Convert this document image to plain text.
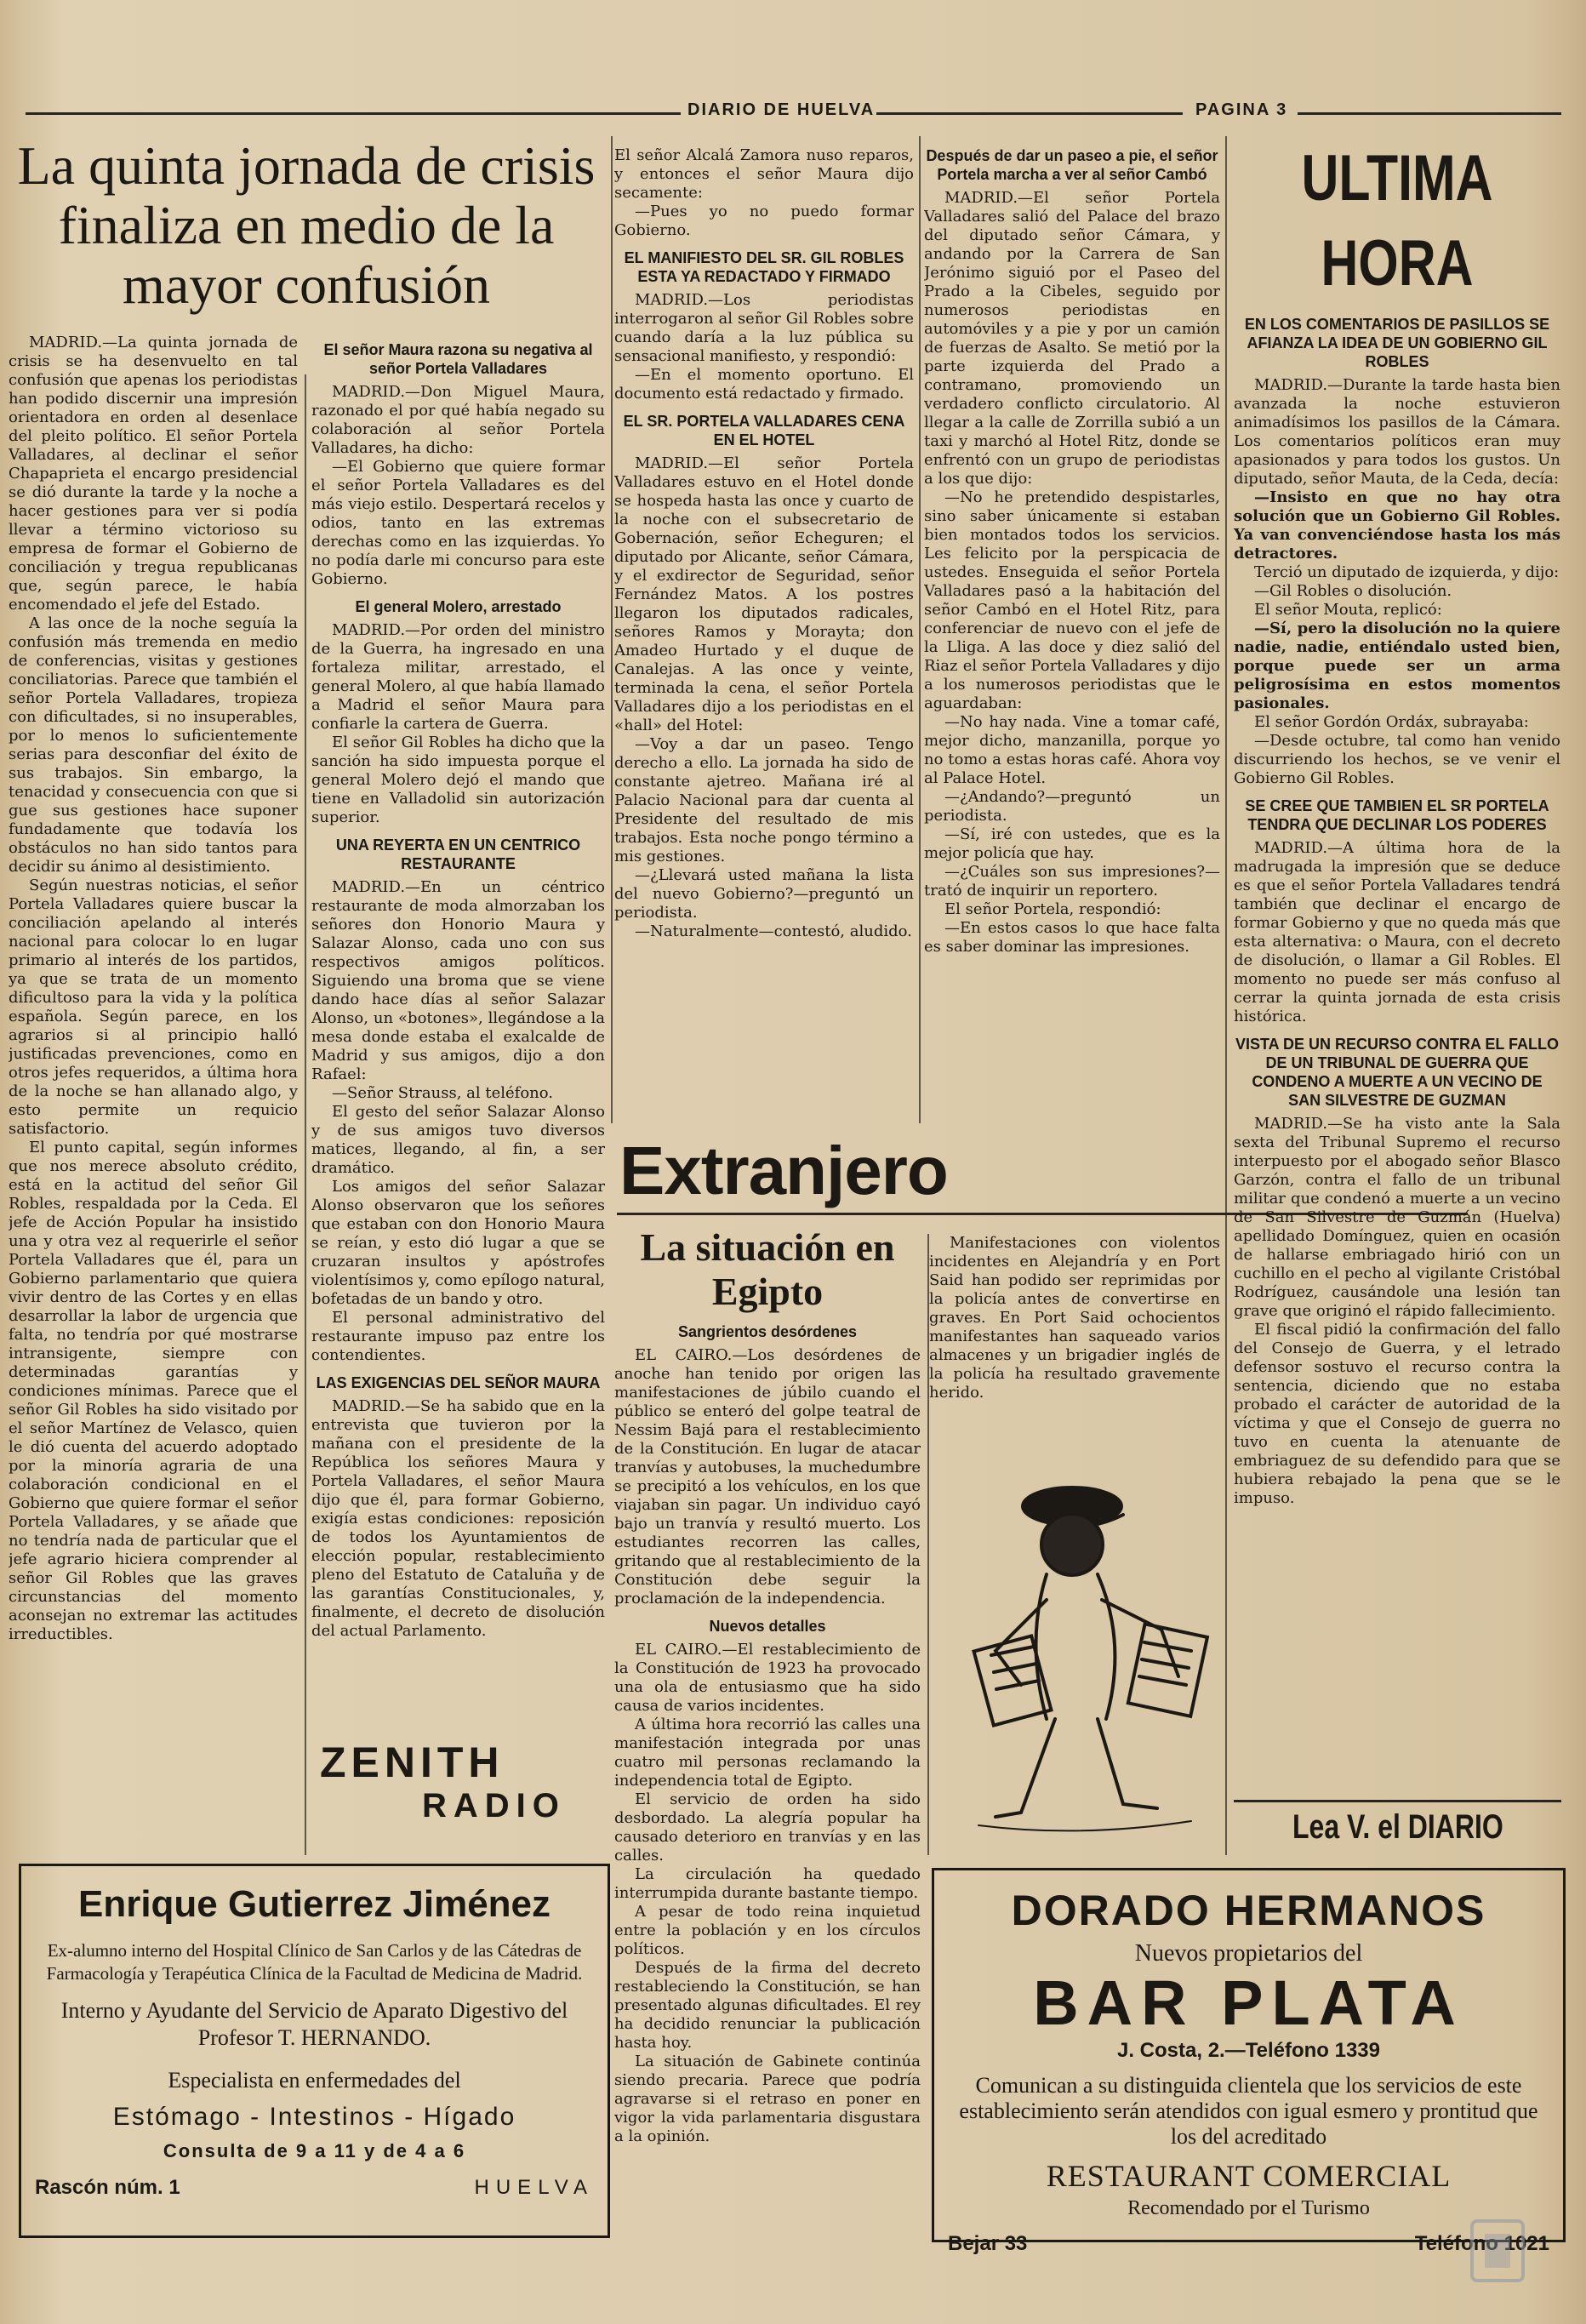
DIARIO DE HUELVA	PAGINA 3
La quinta jornada de crisis finaliza en medio de la mayor confusión

MADRID.—La quinta jornada de crisis se ha desenvuelto en tal confusión que apenas los periodistas han podido discernir una impresión orientadora en orden al desenlace del pleito político. El señor Portela Valladares, al declinar el señor Chapaprieta el encargo presidencial se dió durante la tarde y la noche a hacer gestiones para ver si podía llevar a término victorioso su empresa de formar el Gobierno de conciliación y tregua republicanas que, según parece, le había encomendado el jefe del Estado.

A las once de la noche seguía la confusión más tremenda en medio de conferencias, visitas y gestiones conciliatorias. Parece que también el señor Portela Valladares, tropieza con dificultades, si no insuperables, por lo menos lo suficientemente serias para desconfiar del éxito de sus trabajos. Sin embargo, la tenacidad y consecuencia con que si gue sus gestiones hace suponer fundadamente que todavía los obstáculos no han sido tantos para decidir su ánimo al desistimiento.

Según nuestras noticias, el señor Portela Valladares quiere buscar la conciliación apelando al interés nacional para colocar lo en lugar primario al interés de los partidos, ya que se trata de un momento dificultoso para la vida y la política española. Según parece, en los agrarios si al principio halló justificadas prevenciones, como en otros jefes requeridos, a última hora de la noche se han allanado algo, y esto permite un requicio satisfactorio.

El punto capital, según informes que nos merece absoluto crédito, está en la actitud del señor Gil Robles, respaldada por la Ceda. El jefe de Acción Popular ha insistido una y otra vez al requerirle el señor Portela Valladares que él, para un Gobierno parlamentario que quiera vivir dentro de las Cortes y en ellas desarrollar la labor de urgencia que falta, no tendría por qué mostrarse intransigente, siempre con determinadas garantías y condiciones mínimas. Parece que el señor Gil Robles ha sido visitado por el señor Martínez de Velasco, quien le dió cuenta del acuerdo adoptado por la minoría agraria de una colaboración condicional en el Gobierno que quiere formar el señor Portela Valladares, y se añade que no tendría nada de particular que el jefe agrario hiciera comprender al señor Gil Robles que las graves circunstancias del momento aconsejan no extremar las actitudes irreductibles.

El señor Maura razona su negativa al señor Portela Valladares

MADRID.—Don Miguel Maura, razonado el por qué había negado su colaboración al señor Portela Valladares, ha dicho:

—El Gobierno que quiere formar el señor Portela Valladares es del más viejo estilo. Despertará recelos y odios, tanto en las extremas derechas como en las izquierdas. Yo no podía darle mi concurso para este Gobierno.

El general Molero, arrestado

MADRID.—Por orden del ministro de la Guerra, ha ingresado en una fortaleza militar, arrestado, el general Molero, al que había llamado a Madrid el señor Maura para confiarle la cartera de Guerra.

El señor Gil Robles ha dicho que la sanción ha sido impuesta porque el general Molero dejó el mando que tiene en Valladolid sin autorización superior.

UNA REYERTA EN UN CENTRICO RESTAURANTE

MADRID.—En un céntrico restaurante de moda almorzaban los señores don Honorio Maura y Salazar Alonso, cada uno con sus respectivos amigos políticos. Siguiendo una broma que se viene dando hace días al señor Salazar Alonso, un «botones», llegándose a la mesa donde estaba el exalcalde de Madrid y sus amigos, dijo a don Rafael:

—Señor Strauss, al teléfono.

El gesto del señor Salazar Alonso y de sus amigos tuvo diversos matices, llegando, al fin, a ser dramático.

Los amigos del señor Salazar Alonso observaron que los señores que estaban con don Honorio Maura se reían, y esto dió lugar a que se cruzaran insultos y apóstrofes violentísimos y, como epílogo natural, bofetadas de un bando y otro.

El personal administrativo del restaurante impuso paz entre los contendientes.

LAS EXIGENCIAS DEL SEÑOR MAURA

MADRID.—Se ha sabido que en la entrevista que tuvieron por la mañana con el presidente de la República los señores Maura y Portela Valladares, el señor Maura dijo que él, para formar Gobierno, exigía estas condiciones: reposición de todos los Ayuntamientos de elección popular, restablecimiento pleno del Estatuto de Cataluña y de las garantías Constitucionales, y, finalmente, el decreto de disolución del actual Parlamento.

ZENITH
RADIO

El señor Alcalá Zamora nuso reparos, y entonces el señor Maura dijo secamente:

—Pues yo no puedo formar Gobierno.

EL MANIFIESTO DEL SR. GIL ROBLES ESTA YA REDACTADO Y FIRMADO

MADRID.—Los periodistas interrogaron al señor Gil Robles sobre cuando daría a la luz pública su sensacional manifiesto, y respondió:

—En el momento oportuno. El documento está redactado y firmado.

EL SR. PORTELA VALLADARES CENA EN EL HOTEL

MADRID.—El señor Portela Valladares estuvo en el Hotel donde se hospeda hasta las once y cuarto de la noche con el subsecretario de Gobernación, señor Echeguren; el diputado por Alicante, señor Cámara, y el exdirector de Seguridad, señor Fernández Matos. A los postres llegaron los diputados radicales, señores Ramos y Morayta; don Amadeo Hurtado y el duque de Canalejas. A las once y veinte, terminada la cena, el señor Portela Valladares dijo a los periodistas en el «hall» del Hotel:

—Voy a dar un paseo. Tengo derecho a ello. La jornada ha sido de constante ajetreo. Mañana iré al Palacio Nacional para dar cuenta al Presidente del resultado de mis trabajos. Esta noche pongo término a mis gestiones.

—¿Llevará usted mañana la lista del nuevo Gobierno?—preguntó un periodista.

—Naturalmente—contestó, aludido.

Después de dar un paseo a pie, el señor Portela marcha a ver al señor Cambó

MADRID.—El señor Portela Valladares salió del Palace del brazo del diputado señor Cámara, y andando por la Carrera de San Jerónimo siguió por el Paseo del Prado a la Cibeles, seguido por numerosos periodistas en automóviles y a pie y por un camión de fuerzas de Asalto. Se metió por la parte izquierda del Prado a contramano, promoviendo un verdadero conflicto circulatorio. Al llegar a la calle de Zorrilla subió a un taxi y marchó al Hotel Ritz, donde se enfrentó con un grupo de periodistas a los que dijo:

—No he pretendido despistarles, sino saber únicamente si estaban bien montados todos los servicios. Les felicito por la perspicacia de ustedes. Enseguida el señor Portela Valladares pasó a la habitación del señor Cambó en el Hotel Ritz, para conferenciar de nuevo con el jefe de la Lliga. A las doce y diez salió del Riaz el señor Portela Valladares y dijo a los numerosos periodistas que le aguardaban:

—No hay nada. Vine a tomar café, mejor dicho, manzanilla, porque yo no tomo a estas horas café. Ahora voy al Palace Hotel.

—¿Andando?—preguntó un periodista.

—Sí, iré con ustedes, que es la mejor policía que hay.

—¿Cuáles son sus impresiones?—trató de inquirir un reportero.

El señor Portela, respondió:

—En estos casos lo que hace falta es saber dominar las impresiones.

Extranjero
La situación en Egipto
Sangrientos desórdenes

EL CAIRO.—Los desórdenes de anoche han tenido por origen las manifestaciones de júbilo cuando el público se enteró del golpe teatral de Nessim Bajá para el restablecimiento de la Constitución. En lugar de atacar tranvías y autobuses, la muchedumbre se precipitó a los vehículos, en los que viajaban sin pagar. Un individuo cayó bajo un tranvía y resultó muerto. Los estudiantes recorren las calles, gritando que al restablecimiento de la Constitución debe seguir la proclamación de la independencia.

Nuevos detalles

EL CAIRO.—El restablecimiento de la Constitución de 1923 ha provocado una ola de entusiasmo que ha sido causa de varios incidentes.

A última hora recorrió las calles una manifestación integrada por unas cuatro mil personas reclamando la independencia total de Egipto.

El servicio de orden ha sido desbordado. La alegría popular ha causado deterioro en tranvías y en las calles.

La circulación ha quedado interrumpida durante bastante tiempo.

A pesar de todo reina inquietud entre la población y en los círculos políticos.

Después de la firma del decreto restableciendo la Constitución, se han presentado algunas dificultades. El rey ha decidido renunciar la publicación hasta hoy.

La situación de Gabinete continúa siendo precaria. Parece que podría agravarse si el retraso en poner en vigor la vida parlamentaria disgustara a la opinión.

Manifestaciones con violentos incidentes en Alejandría y en Port Said han podido ser reprimidas por la policía antes de convertirse en graves. En Port Said ochocientos manifestantes han saqueado varios almacenes y un brigadier inglés de la policía ha resultado gravemente herido.

ULTIMA HORA
EN LOS COMENTARIOS DE PASILLOS SE AFIANZA LA IDEA DE UN GOBIERNO GIL ROBLES

MADRID.—Durante la tarde hasta bien avanzada la noche estuvieron animadísimos los pasillos de la Cámara. Los comentarios políticos eran muy apasionados y para todos los gustos. Un diputado, señor Mauta, de la Ceda, decía:

—Insisto en que no hay otra solución que un Gobierno Gil Robles. Ya van convenciéndose hasta los más detractores.

Terció un diputado de izquierda, y dijo:

—Gil Robles o disolución.

El señor Mouta, replicó:

—Sí, pero la disolución no la quiere nadie, nadie, entiéndalo usted bien, porque puede ser un arma peligrosísima en estos momentos pasionales.

El señor Gordón Ordáx, subrayaba:

—Desde octubre, tal como han venido discurriendo los hechos, se ve venir el Gobierno Gil Robles.

SE CREE QUE TAMBIEN EL SR PORTELA TENDRA QUE DECLINAR LOS PODERES

MADRID.—A última hora de la madrugada la impresión que se deduce es que el señor Portela Valladares tendrá también que declinar el encargo de formar Gobierno y que no queda más que esta alternativa: o Maura, con el decreto de disolución, o llamar a Gil Robles. El momento no puede ser más confuso al cerrar la quinta jornada de esta crisis histórica.

VISTA DE UN RECURSO CONTRA EL FALLO DE UN TRIBUNAL DE GUERRA QUE CONDENO A MUERTE A UN VECINO DE SAN SILVESTRE DE GUZMAN

MADRID.—Se ha visto ante la Sala sexta del Tribunal Supremo el recurso interpuesto por el abogado señor Blasco Garzón, contra el fallo de un tribunal militar que condenó a muerte a un vecino de San Silvestre de Guzmán (Huelva) apellidado Domínguez, quien en ocasión de hallarse embriagado hirió con un cuchillo en el pecho al vigilante Cristóbal Rodríguez, causándole una lesión tan grave que originó el rápido fallecimiento.

El fiscal pidió la confirmación del fallo del Consejo de Guerra, y el letrado defensor sostuvo el recurso contra la sentencia, diciendo que no estaba probado el carácter de autoridad de la víctima y que el Consejo de guerra no tuvo en cuenta la atenuante de embriaguez de su defendido para que se hubiera rebajado la pena que se le impuso.

Lea V. el DIARIO
Enrique Gutierrez Jiménez
Ex-alumno interno del Hospital Clínico de San Carlos y de las Cátedras de Farmacología y Terapéutica Clínica de la Facultad de Medicina de Madrid.
Interno y Ayudante del Servicio de Aparato Digestivo del Profesor T. HERNANDO.
Especialista en enfermedades del
Estómago - Intestinos - Hígado
Consulta de 9 a 11 y de 4 a 6
Rascón núm. 1	HUELVA
DORADO HERMANOS
Nuevos propietarios del
BAR PLATA
J. Costa, 2.—Teléfono 1339
Comunican a su distinguida clientela que los servicios de este establecimiento serán atendidos con igual esmero y prontitud que los del acreditado
RESTAURANT COMERCIAL
Recomendado por el Turismo
Bejar 33	Teléfono 1021
